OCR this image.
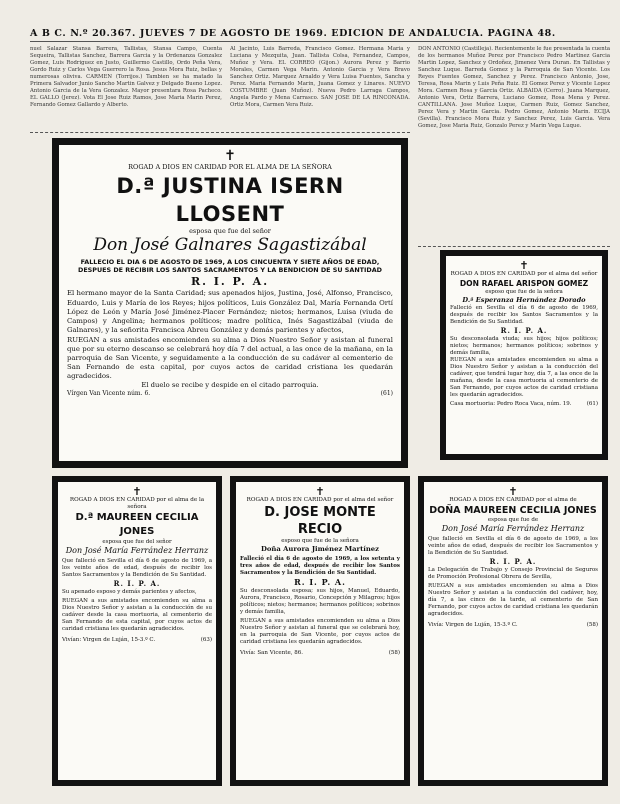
A B C. N.º 20.367. JUEVES 7 DE AGOSTO DE 1969. EDICION DE ANDALUCIA. PAGINA 48.
nuel Salazar Stansa Barrera, Tallistas, Stansa Campo, Cuenta Sequeira, Tallistas Sanchez, Barrera Garcia y la Ordenanza Gonzalez Gomez, Luis Rodriguez en Justo, Guillermo Castillo, Ordo Peña Vera, Gordo Ruiz y Carlos Vega Guerrero la Rosa. Jesus Mora Ruiz, bellas y numerosas oliviva. CARMEN (Torrijos.) Tambien se ha matado la Primera Salvador Junio Sancho Martin Galvez y Delgado Bueno Lopez. Antonio Garcia de la Vera Gonzalez. Mayor presentara Rosa Pacheco. EL GALLO (Jerez). Vota El Jose Ruiz Ramos, Jose Maria Marin Perez, Fernando Gomez Gallardo y Alberto.
Al Jacinto, Luis Barreda, Francisco Gomez. Hermana Maria y Luciana y Mezquita, Juan. Tallista Colsa, Fernandez, Campos, Muñoz y Vera. EL CORREO (Gijon.) Aurora Perez y Barrio Morales, Carmen Vega Marin. Antonio Garcia y Vera Bravo Sanchez Ortiz. Marquez Arnaldo y Vera Luisa Fuentes, Sancha y Perez. Maria Fernando Marin, Juana Gomez y Linares. NUEVO COSTUMBRE (Juan Muñoz). Nueva Pedro Larraga Campos, Angela Pardo y Mena Carrasco. SAN JOSE DE LA RINCONADA. Ortiz Mora, Carmen Vera Ruiz.
DON ANTONIO (Castilleja). Recientemente le fue presentada la cuenta de los hermanos Muñoz Perez por Francisco Pedro Martinez Garcia Martin Lopez, Sanchez y Ordoñez, Jimenez Vera Duran. En Tallistas y Sanchez Luque. Barreda Gomez y la Parroquia de San Vicente. Los Reyes Fuentes Gomez, Sanchez y Perez. Francisco Antonio, Jose, Teresa, Rosa Marin y Luis Peña Ruiz. El Gomez Perez y Vicente Lopez Mora. Carmen Rosa y Garcia Ortiz. ALBAIDA (Cerro). Juana Marquez, Antonio Vera, Ortiz Barrera, Luciano Gomez, Rosa Mena y Perez. CANTILLANA. Jose Muñoz Luque, Carmen Ruiz, Gomez Sanchez, Perez Vera y Martin Garcia. Pedro Gomez, Antonio Marin. ECIJA (Sevilla). Francisco Mora Ruiz y Sanchez Perez, Luis Garcia. Vera Gomez, Jose Maria Ruiz, Gonzalo Perez y Marin Vega Luque.
✝
ROGAD A DIOS EN CARIDAD POR EL ALMA DE LA SEÑORA
D.ª JUSTINA ISERN LLOSENT
esposa que fue del señor
Don José Galnares Sagastizábal
FALLECIO EL DIA 6 DE AGOSTO DE 1969, A LOS CINCUENTA Y SIETE AÑOS DE EDAD, DESPUES DE RECIBIR LOS SANTOS SACRAMENTOS Y LA BENDICION DE SU SANTIDAD
R. I. P. A.
El hermano mayor de la Santa Caridad; sus apenados hijos, Justina, José, Alfonso, Francisco, Eduardo, Luis y María de los Reyes; hijos políticos, Luis González Dal, María Fernanda Ortí López de León y María José Jiménez-Placer Fernández; nietos; hermanos, Luisa (viuda de Campos) y Angelina; hermanos políticos; madre política, Inés Sagastizábal (viuda de Galnares), y la señorita Francisca Abreu González y demás parientes y afectos,
RUEGAN a sus amistades encomienden su alma a Dios Nuestro Señor y asistan al funeral que por su eterno descanso se celebrará hoy día 7 del actual, a las once de la mañana, en la parroquia de San Vicente, y seguidamente a la conducción de su cadáver al cementerio de San Fernando de esta capital, por cuyos actos de caridad cristiana les quedarán agradecidos.
El duelo se recibe y despide en el citado parroquia.
Vírgen Van Vicente núm. 6.	(61)
✝
ROGAD A DIOS EN CARIDAD por el alma del señor
DON RAFAEL ARISPON GOMEZ
esposo que fue de la señora
D.ª Esperanza Hernández Dorado
Falleció en Sevilla el día 6 de agosto de 1969, después de recibir los Santos Sacramentos y la Bendición de Su Santidad.
R. I. P. A.
Su desconsolada viuda; sus hijos; hijos políticos; nietos; hermanos; hermanos políticos; sobrinos y demás familia,
RUEGAN a sus amistades encomienden su alma a Dios Nuestro Señor y asistan a la conducción del cadáver, que tendrá lugar hoy, día 7, a las once de la mañana, desde la casa mortuoria al cementerio de San Fernando, por cuyos actos de caridad cristiana les quedarán agradecidos.
Casa mortuoria: Pedro Roca Vaca, núm. 19.	(61)
✝
ROGAD A DIOS EN CARIDAD por el alma de la señora
D.ª MAUREEN CECILIA JONES
esposa que fue del señor
Don José María Ferrández Herranz
Que falleció en Sevilla el día 6 de agosto de 1969, a los veinte años de edad, después de recibir los Santos Sacramentos y la Bendición de Su Santidad.
R. I. P. A.
Su apenado esposo y demás parientes y afectos,
RUEGAN a sus amistades encomienden su alma a Dios Nuestro Señor y asistan a la conducción de su cadáver desde la casa mortuoria, al cementerio de San Fernando de esta capital, por cuyos actos de caridad cristiana les quedarán agradecidos.
Vivían: Virgen de Luján, 15-3.º C.	(63)
✝
ROGAD A DIOS EN CARIDAD por el alma del señor
D. JOSE MONTE RECIO
esposo que fue de la señora
Doña Aurora Jiménez Martínez
Falleció el día 6 de agosto de 1969, a los setenta y tres años de edad, después de recibir los Santos Sacramentos y la Bendición de Su Santidad.
R. I. P. A.
Su desconsolada esposa; sus hijos, Manuel, Eduardo, Aurora, Francisco, Rosario, Concepción y Milagros; hijos políticos; nietos; hermanos; hermanos políticos; sobrinos y demás familia,
RUEGAN a sus amistades encomienden su alma a Dios Nuestro Señor y asistan al funeral que se celebrará hoy, en la parroquia de San Vicente, por cuyos actos de caridad cristiana les quedarán agradecidos.
Vivía: San Vicente, 86.	(58)
✝
ROGAD A DIOS EN CARIDAD por el alma de
DOÑA MAUREEN CECILIA JONES
esposa que fue de
Don José María Ferrández Herranz
Que falleció en Sevilla el día 6 de agosto de 1969, a los veinte años de edad, después de recibir los Sacramentos y la Bendición de Su Santidad.
R. I. P. A.
La Delegación de Trabajo y Consejo Provincial de Seguros de Promoción Profesional Obrera de Sevilla,
RUEGAN a sus amistades encomienden su alma a Dios Nuestro Señor y asistan a la conducción del cadáver, hoy, día 7, a las cinco de la tarde, al cementerio de San Fernando, por cuyos actos de caridad cristiana les quedarán agradecidos.
Vivía: Virgen de Luján, 15-3.º C.	(58)
